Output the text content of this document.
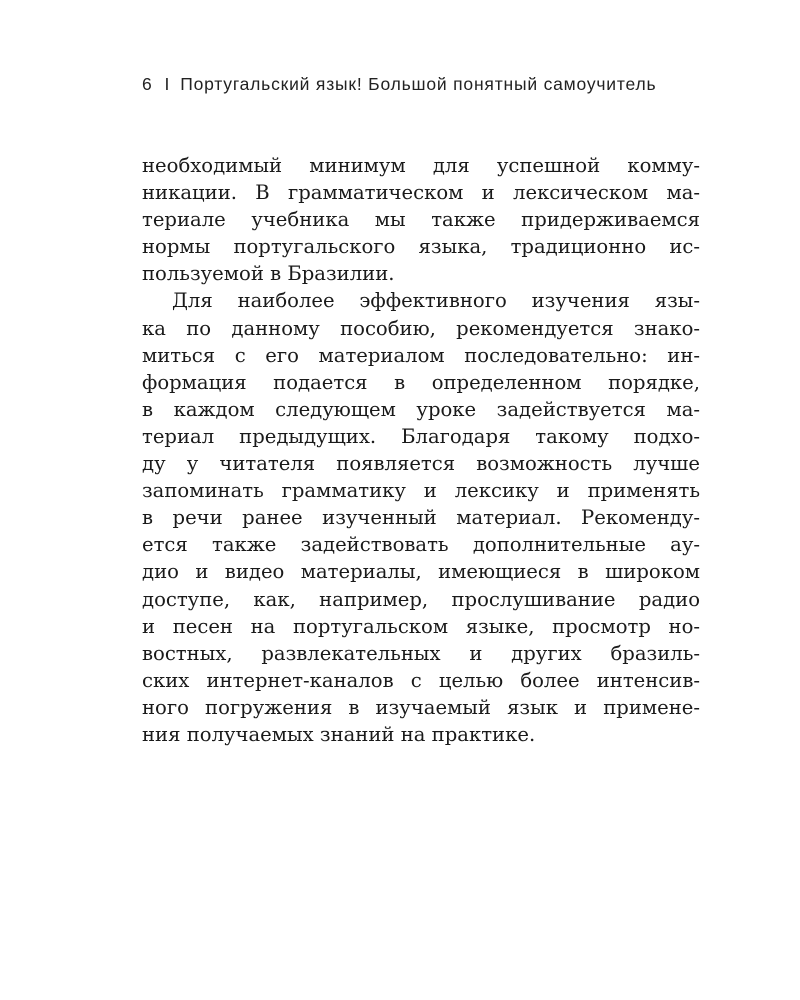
6 I Португальский язык! Большой понятный самоучитель
необходимый минимум для успешной комму-
никации. В грамматическом и лексическом ма-
териале учебника мы также придерживаемся
нормы португальского языка, традиционно ис-
пользуемой в Бразилии.
Для наиболее эффективного изучения язы-
ка по данному пособию, рекомендуется знако-
миться с его материалом последовательно: ин-
формация подается в определенном порядке,
в каждом следующем уроке задействуется ма-
териал предыдущих. Благодаря такому подхо-
ду у читателя появляется возможность лучше
запоминать грамматику и лексику и применять
в речи ранее изученный материал. Рекоменду-
ется также задействовать дополнительные ау-
дио и видео материалы, имеющиеся в широком
доступе, как, например, прослушивание радио
и песен на португальском языке, просмотр но-
востных, развлекательных и других бразиль-
ских интернет-каналов с целью более интенсив-
ного погружения в изучаемый язык и примене-
ния получаемых знаний на практике.
